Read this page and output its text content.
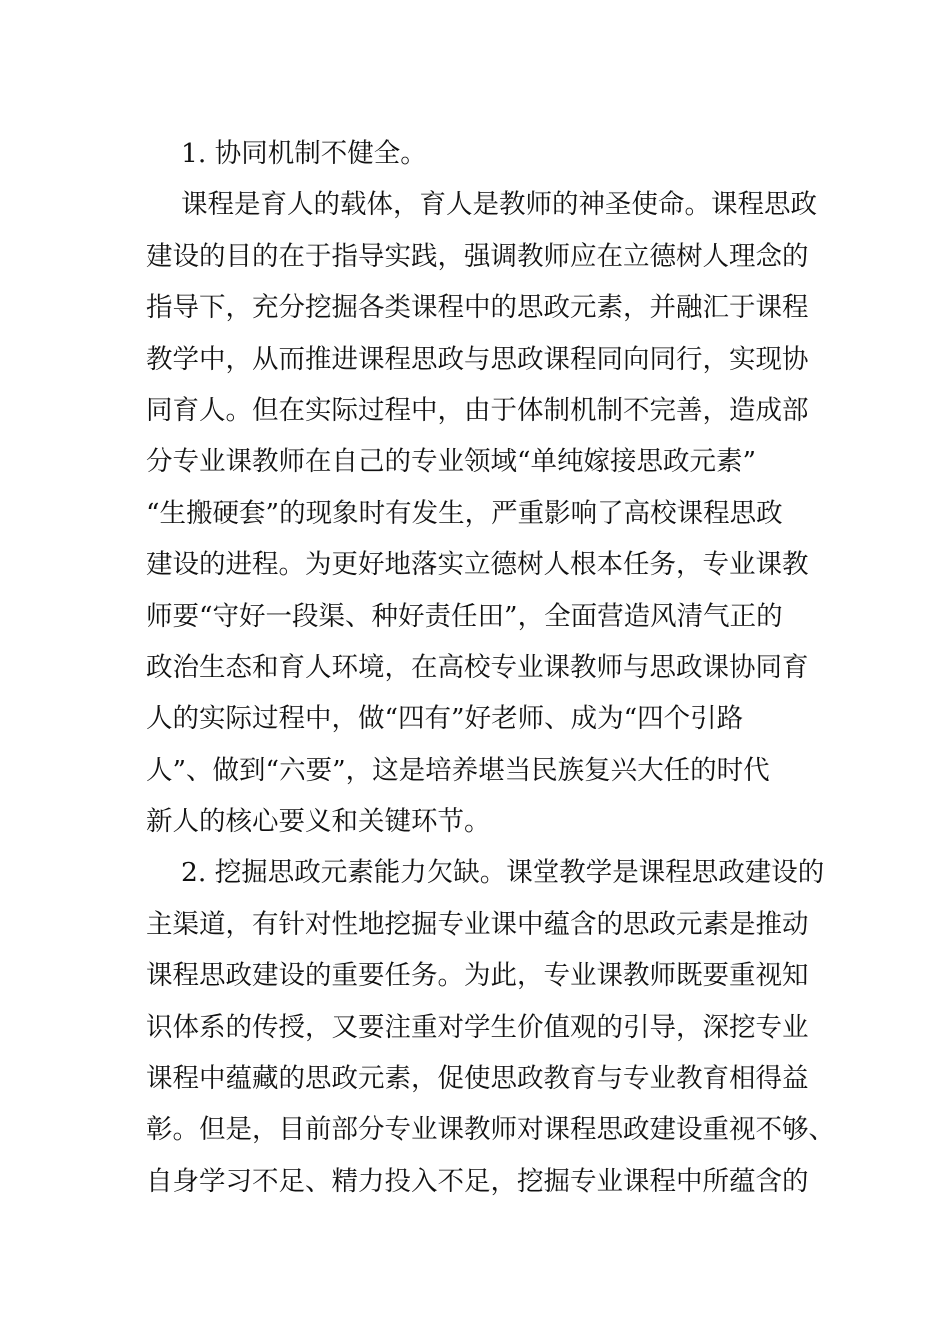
1. 协同机制不健全。
课程是育人的载体，育人是教师的神圣使命。课程思政
建设的目的在于指导实践，强调教师应在立德树人理念的
指导下，充分挖掘各类课程中的思政元素，并融汇于课程
教学中，从而推进课程思政与思政课程同向同行，实现协
同育人。但在实际过程中，由于体制机制不完善，造成部
分专业课教师在自己的专业领域“单纯嫁接思政元素”
“生搬硬套”的现象时有发生，严重影响了高校课程思政
建设的进程。为更好地落实立德树人根本任务，专业课教
师要“守好一段渠、种好责任田”，全面营造风清气正的
政治生态和育人环境，在高校专业课教师与思政课协同育
人的实际过程中，做“四有”好老师、成为“四个引路
人”、做到“六要”，这是培养堪当民族复兴大任的时代
新人的核心要义和关键环节。
2. 挖掘思政元素能力欠缺。课堂教学是课程思政建设的
主渠道，有针对性地挖掘专业课中蕴含的思政元素是推动
课程思政建设的重要任务。为此，专业课教师既要重视知
识体系的传授，又要注重对学生价值观的引导，深挖专业
课程中蕴藏的思政元素，促使思政教育与专业教育相得益
彰。但是，目前部分专业课教师对课程思政建设重视不够、
自身学习不足、精力投入不足，挖掘专业课程中所蕴含的
